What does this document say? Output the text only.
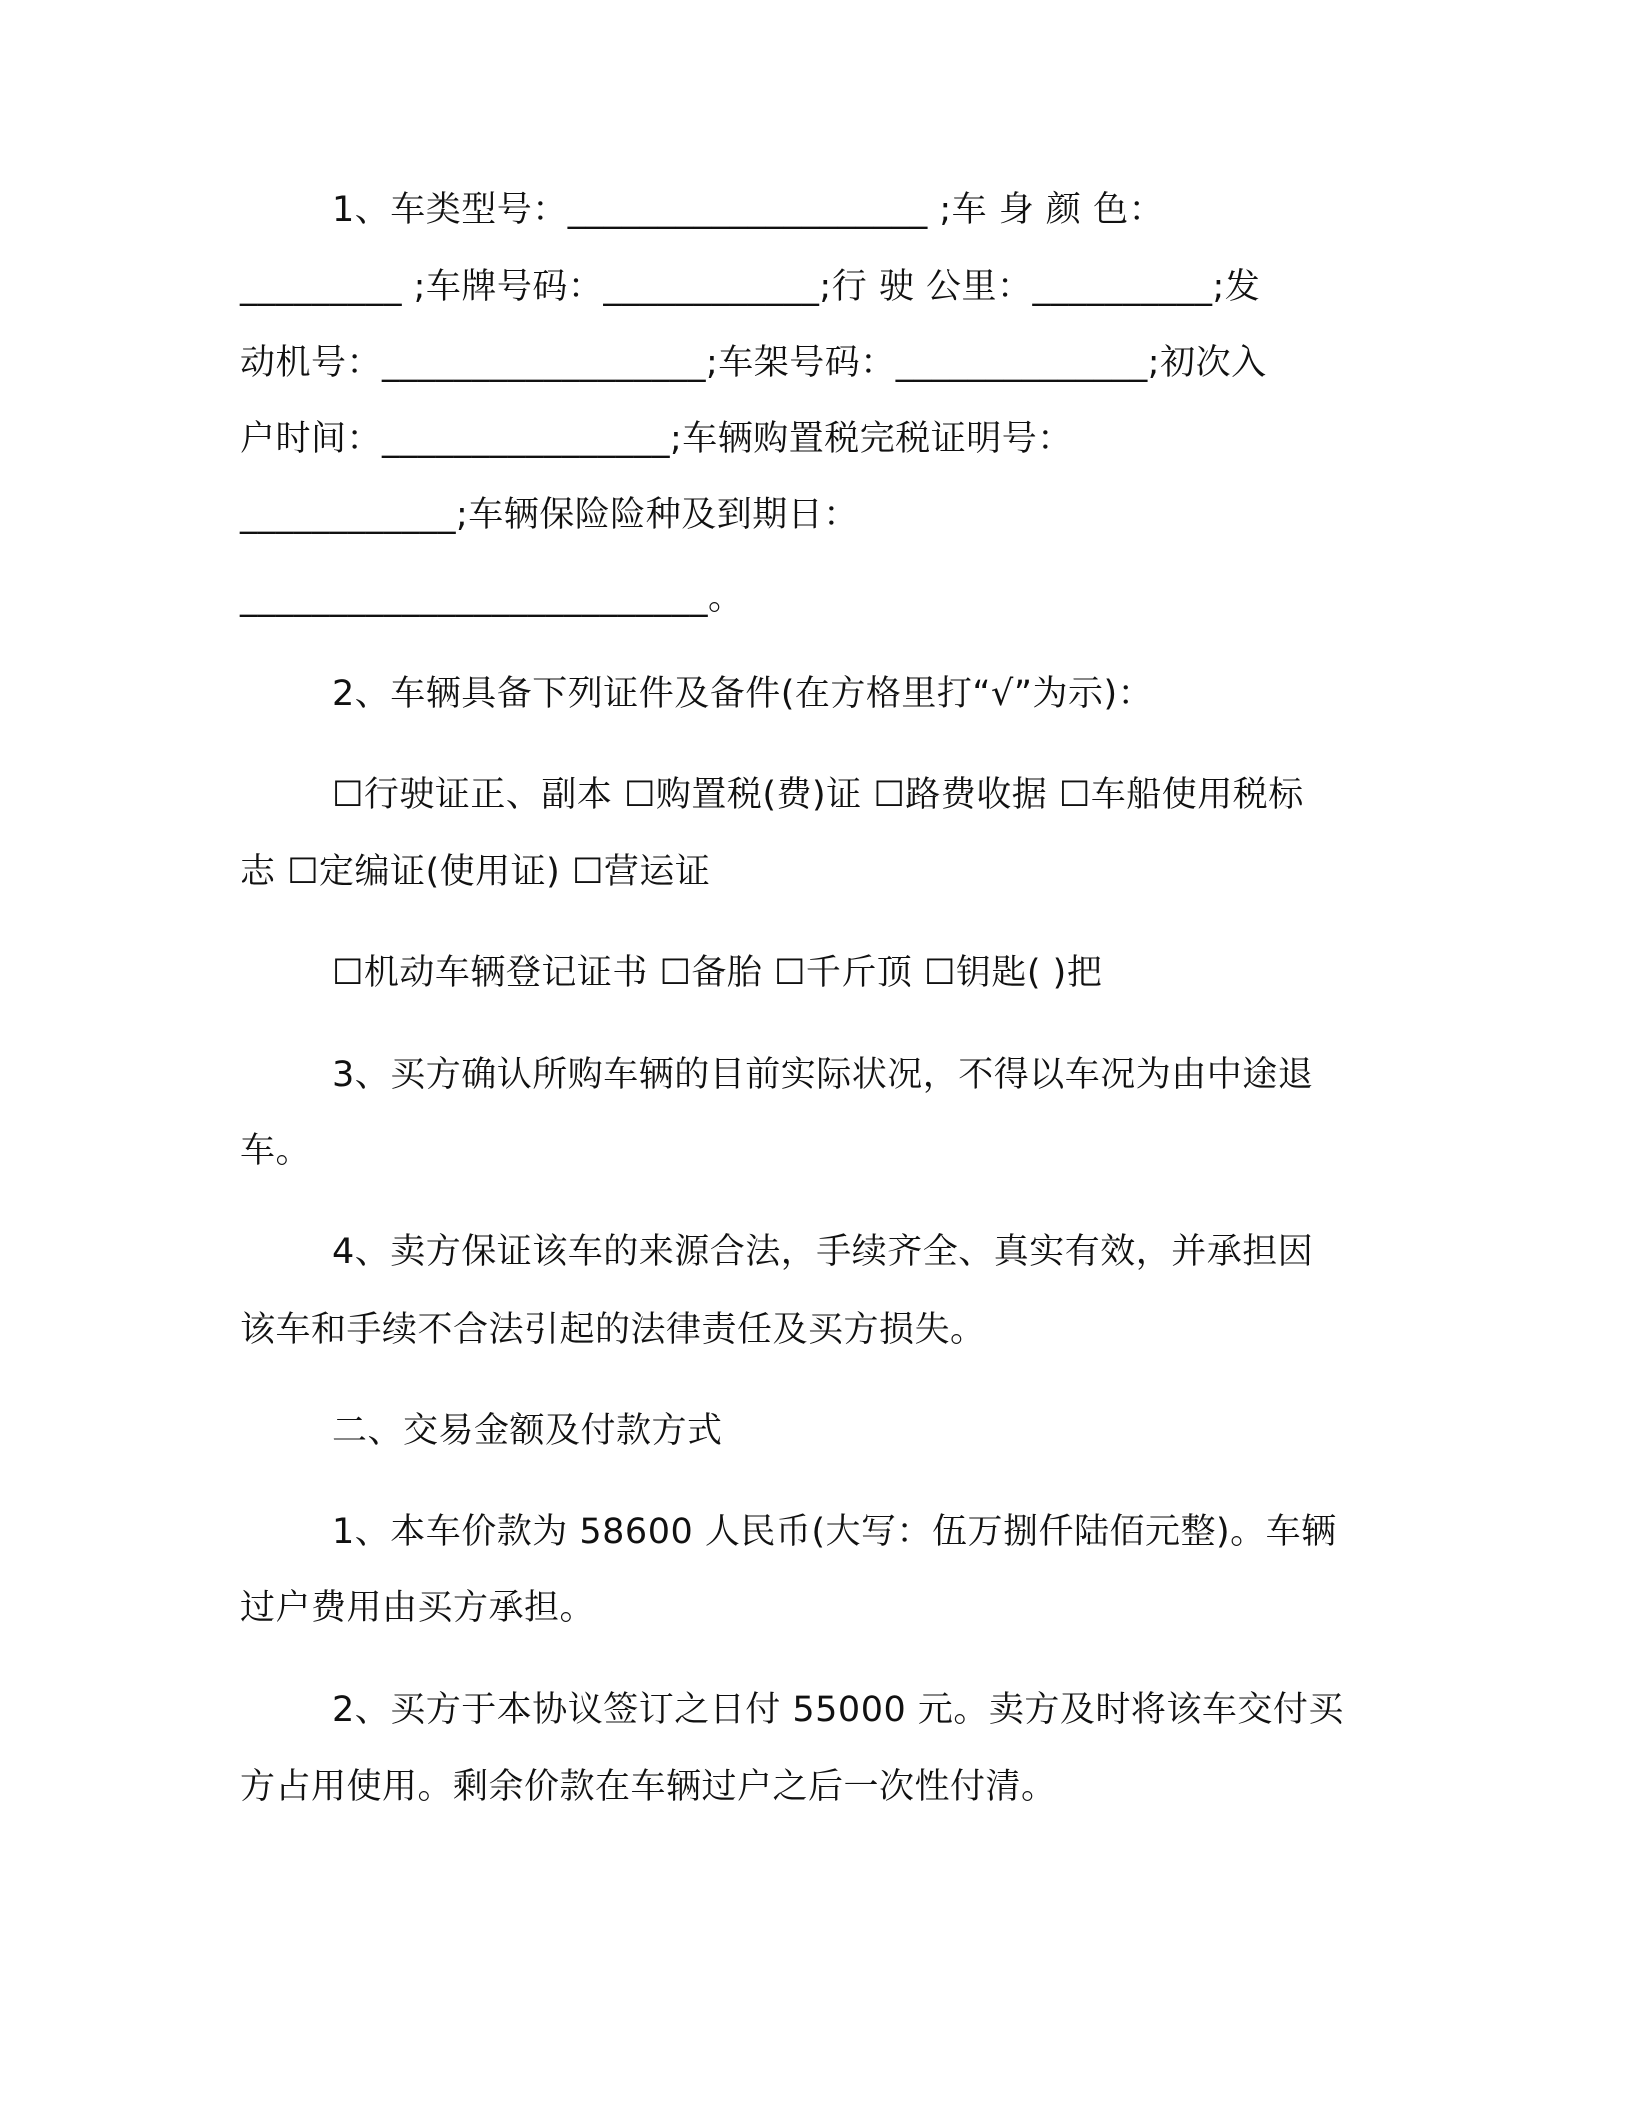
1、车类型号：____________________ ;车 身 颜 色：
_________ ;车牌号码：____________;行 驶 公里：__________;发
动机号：__________________;车架号码：______________;初次入
户时间：________________;车辆购置税完税证明号：
____________;车辆保险险种及到期日：
__________________________。
2、车辆具备下列证件及备件(在方格里打“√”为示)：
☐行驶证正、副本 ☐购置税(费)证 ☐路费收据 ☐车船使用税标
志 ☐定编证(使用证) ☐营运证
☐机动车辆登记证书 ☐备胎 ☐千斤顶 ☐钥匙( )把
3、买方确认所购车辆的目前实际状况，不得以车况为由中途退
车。
4、卖方保证该车的来源合法，手续齐全、真实有效，并承担因
该车和手续不合法引起的法律责任及买方损失。
二、交易金额及付款方式
1、本车价款为 58600 人民币(大写：伍万捌仟陆佰元整)。车辆
过户费用由买方承担。
2、买方于本协议签订之日付 55000 元。卖方及时将该车交付买
方占用使用。剩余价款在车辆过户之后一次性付清。
